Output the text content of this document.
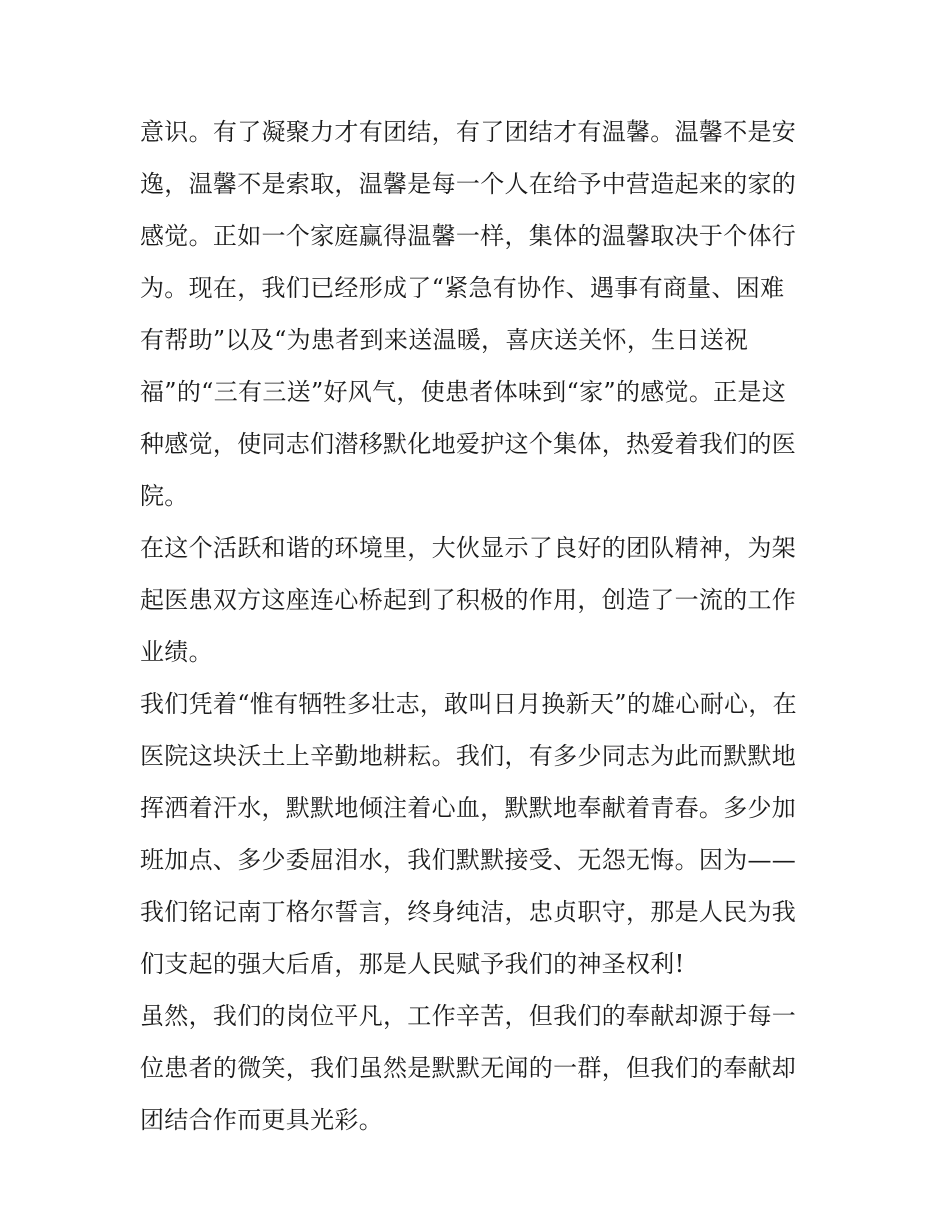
意识。有了凝聚力才有团结，有了团结才有温馨。温馨不是安
逸，温馨不是索取，温馨是每一个人在给予中营造起来的家的
感觉。正如一个家庭赢得温馨一样，集体的温馨取决于个体行
为。现在，我们已经形成了“紧急有协作、遇事有商量、困难
有帮助”以及“为患者到来送温暖，喜庆送关怀，生日送祝
福”的“三有三送”好风气，使患者体味到“家”的感觉。正是这
种感觉，使同志们潜移默化地爱护这个集体，热爱着我们的医
院。
在这个活跃和谐的环境里，大伙显示了良好的团队精神，为架
起医患双方这座连心桥起到了积极的作用，创造了一流的工作
业绩。
我们凭着“惟有牺牲多壮志，敢叫日月换新天”的雄心耐心，在
医院这块沃土上辛勤地耕耘。我们，有多少同志为此而默默地
挥洒着汗水，默默地倾注着心血，默默地奉献着青春。多少加
班加点、多少委屈泪水，我们默默接受、无怨无悔。因为——
我们铭记南丁格尔誓言，终身纯洁，忠贞职守，那是人民为我
们支起的强大后盾，那是人民赋予我们的神圣权利!
虽然，我们的岗位平凡，工作辛苦，但我们的奉献却源于每一
位患者的微笑，我们虽然是默默无闻的一群，但我们的奉献却
团结合作而更具光彩。
